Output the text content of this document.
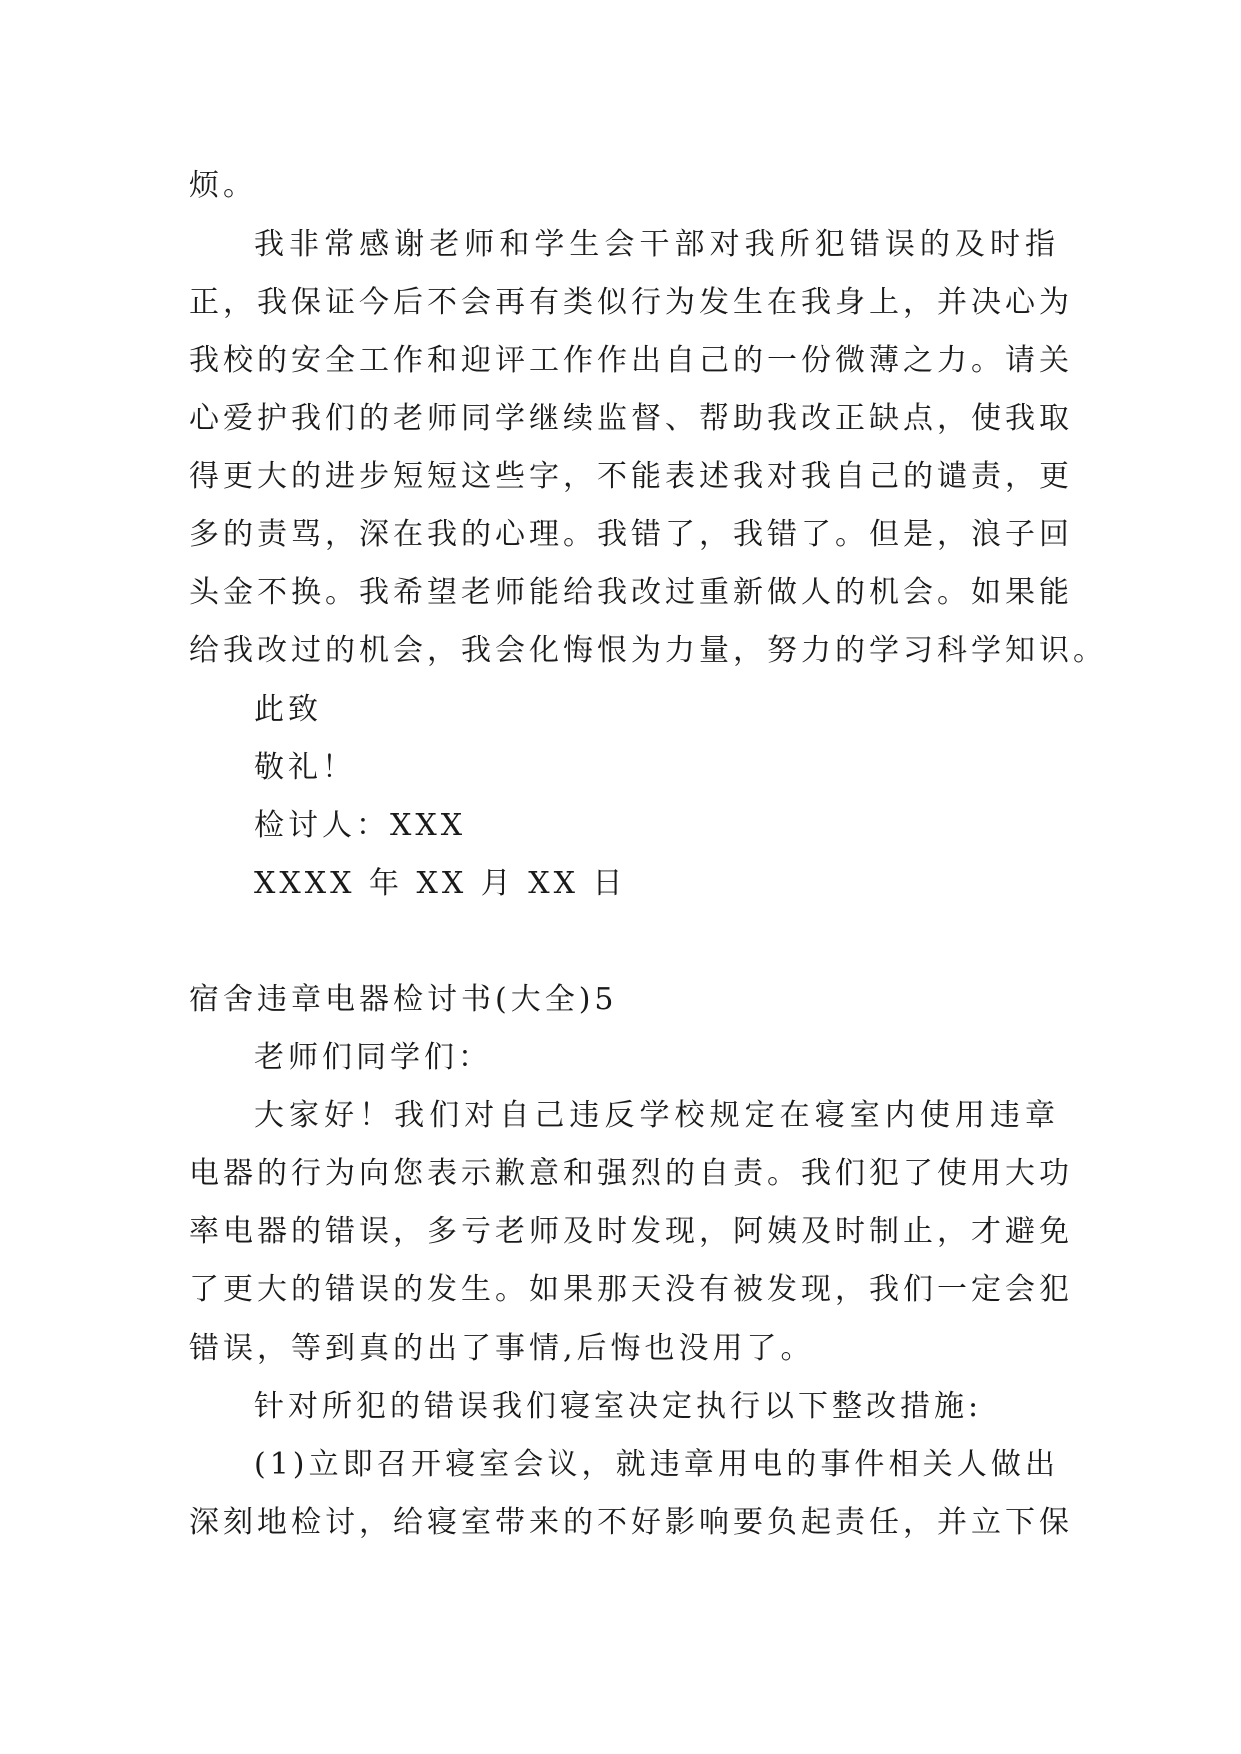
烦。
我非常感谢老师和学生会干部对我所犯错误的及时指
正，我保证今后不会再有类似行为发生在我身上，并决心为
我校的安全工作和迎评工作作出自己的一份微薄之力。请关
心爱护我们的老师同学继续监督、帮助我改正缺点，使我取
得更大的进步短短这些字，不能表述我对我自己的谴责，更
多的责骂，深在我的心理。我错了，我错了。但是，浪子回
头金不换。我希望老师能给我改过重新做人的机会。如果能
给我改过的机会，我会化悔恨为力量，努力的学习科学知识。
此致
敬礼！
检讨人：XXX
XXXX 年 XX 月 XX 日
宿舍违章电器检讨书(大全)5
老师们同学们：
大家好！我们对自己违反学校规定在寝室内使用违章
电器的行为向您表示歉意和强烈的自责。我们犯了使用大功
率电器的错误，多亏老师及时发现，阿姨及时制止，才避免
了更大的错误的发生。如果那天没有被发现，我们一定会犯
错误，等到真的出了事情,后悔也没用了。
针对所犯的错误我们寝室决定执行以下整改措施:
(1)立即召开寝室会议，就违章用电的事件相关人做出
深刻地检讨，给寝室带来的不好影响要负起责任，并立下保
